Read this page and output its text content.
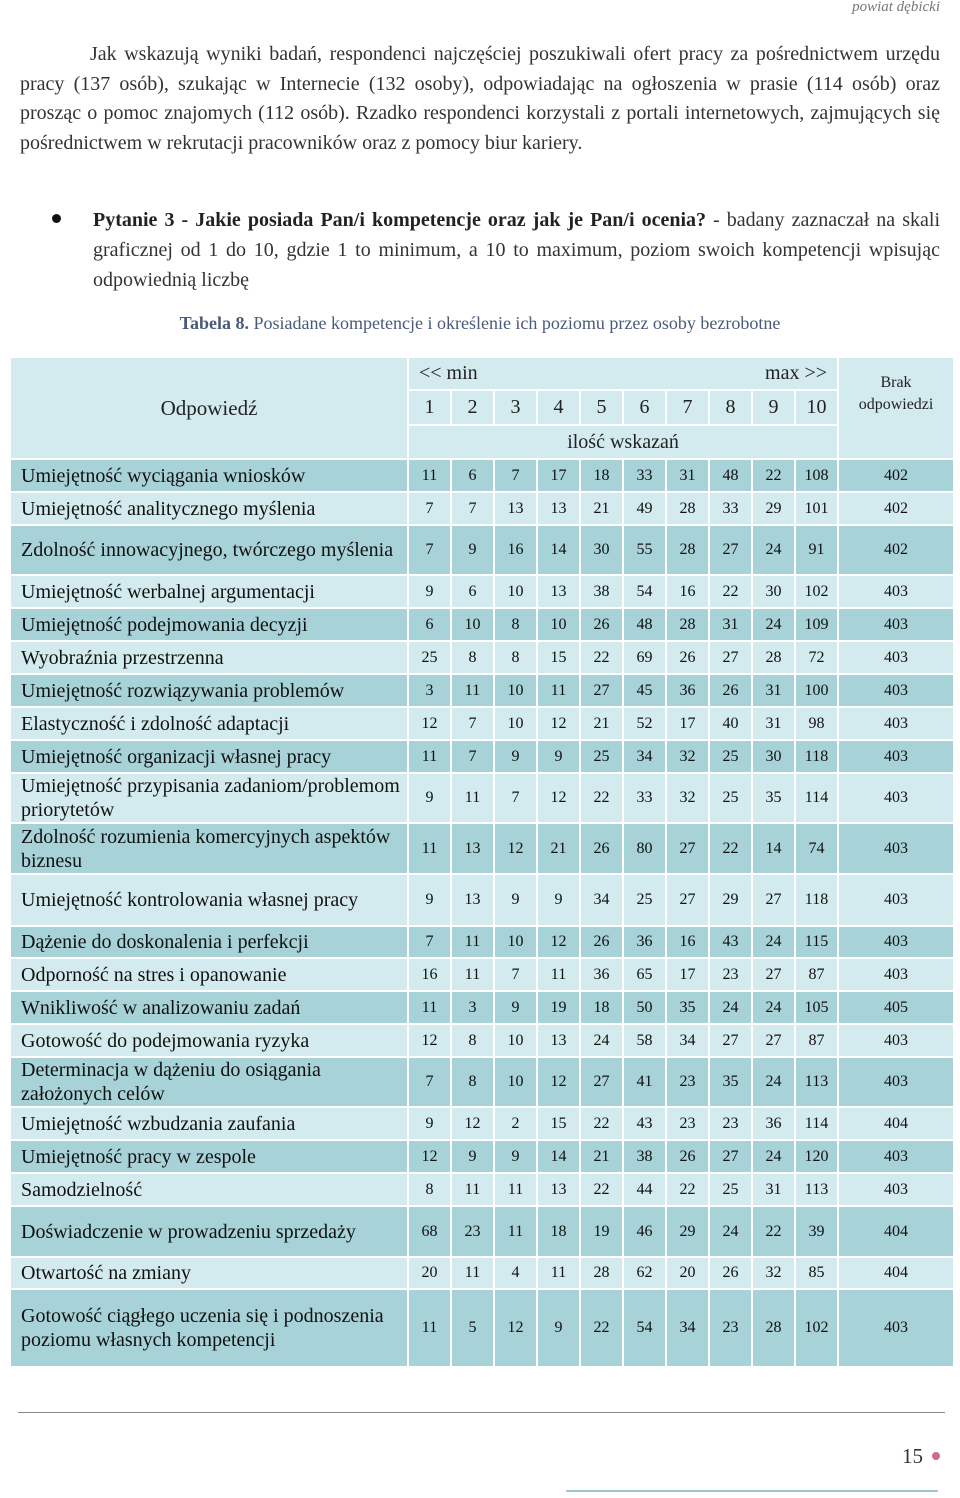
powiat dębicki
Jak wskazują wyniki badań, respondenci najczęściej poszukiwali ofert pracy za pośrednictwem urzędu pracy (137 osób), szukając w Internecie (132 osoby), odpowiadając na ogłoszenia w prasie (114 osób) oraz prosząc o pomoc znajomych (112 osób). Rzadko respondenci korzystali z portali internetowych, zajmujących się pośrednictwem w rekrutacji pracowników oraz z pomocy biur kariery.
Pytanie 3 - Jakie posiada Pan/i kompetencje oraz jak je Pan/i ocenia? - badany zaznaczał na skali graficznej od 1 do 10, gdzie 1 to minimum, a 10 to maximum, poziom swoich kompetencji wpisując odpowiednią liczbę
Tabela 8. Posiadane kompetencje i określenie ich poziomu przez osoby bezrobotne
Odpowiedź	<< min max >>										Brak
odpowiedzi
	1	2	3	4	5	6	7	8	9	10	
	ilość wskazań										
Umiejętność wyciągania wniosków	11	6	7	17	18	33	31	48	22	108	402
Umiejętność analitycznego myślenia	7	7	13	13	21	49	28	33	29	101	402
Zdolność innowacyjnego, twórczego myślenia	7	9	16	14	30	55	28	27	24	91	402
Umiejętność werbalnej argumentacji	9	6	10	13	38	54	16	22	30	102	403
Umiejętność podejmowania decyzji	6	10	8	10	26	48	28	31	24	109	403
Wyobraźnia przestrzenna	25	8	8	15	22	69	26	27	28	72	403
Umiejętność rozwiązywania problemów	3	11	10	11	27	45	36	26	31	100	403
Elastyczność i zdolność adaptacji	12	7	10	12	21	52	17	40	31	98	403
Umiejętność organizacji własnej pracy	11	7	9	9	25	34	32	25	30	118	403
Umiejętność przypisania zadaniom/problemom priorytetów	9	11	7	12	22	33	32	25	35	114	403
Zdolność rozumienia komercyjnych aspektów biznesu	11	13	12	21	26	80	27	22	14	74	403
Umiejętność kontrolowania własnej pracy	9	13	9	9	34	25	27	29	27	118	403
Dążenie do doskonalenia i perfekcji	7	11	10	12	26	36	16	43	24	115	403
Odporność na stres i opanowanie	16	11	7	11	36	65	17	23	27	87	403
Wnikliwość w analizowaniu zadań	11	3	9	19	18	50	35	24	24	105	405
Gotowość do podejmowania ryzyka	12	8	10	13	24	58	34	27	27	87	403
Determinacja w dążeniu do osiągania założonych celów	7	8	10	12	27	41	23	35	24	113	403
Umiejętność wzbudzania zaufania	9	12	2	15	22	43	23	23	36	114	404
Umiejętność pracy w zespole	12	9	9	14	21	38	26	27	24	120	403
Samodzielność	8	11	11	13	22	44	22	25	31	113	403
Doświadczenie w prowadzeniu sprzedaży	68	23	11	18	19	46	29	24	22	39	404
Otwartość na zmiany	20	11	4	11	28	62	20	26	32	85	404
Gotowość ciągłego uczenia się i podnoszenia poziomu własnych kompetencji	11	5	12	9	22	54	34	23	28	102	403
15
